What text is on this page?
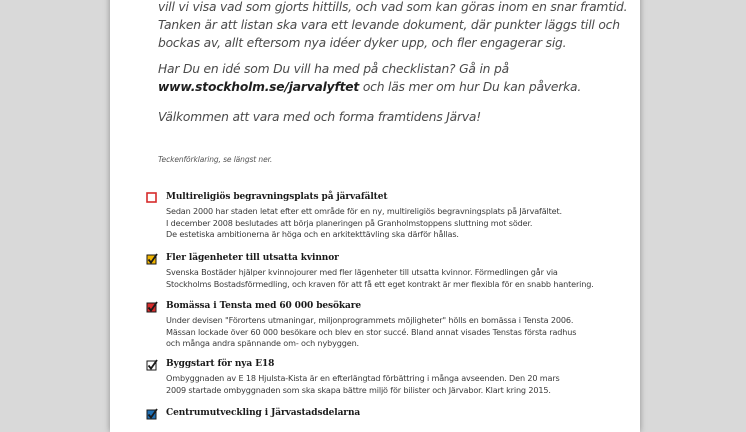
vill vi visa vad som gjorts hittills, och vad som kan göras inom en snar framtid.
Tanken är att listan ska vara ett levande dokument, där punkter läggs till och
bockas av, allt eftersom nya idéer dyker upp, och fler engagerar sig.

Har Du en idé som Du vill ha med på checklistan? Gå in på
www.stockholm.se/jarvalyftet och läs mer om hur Du kan påverka.

Välkommen att vara med och forma framtidens Järva!

Teckenförklaring, se längst ner.
Multireligiös begravningsplats på järvafältet

Sedan 2000 har staden letat efter ett område för en ny, multireligiös begravningsplats på Järvafältet.
I december 2008 beslutades att börja planeringen på Granholmstoppens sluttning mot söder.
De estetiska ambitionerna är höga och en arkitekttävling ska därför hållas.

Fler lägenheter till utsatta kvinnor

Svenska Bostäder hjälper kvinnojourer med fler lägenheter till utsatta kvinnor. Förmedlingen går via
Stockholms Bostadsförmedling, och kraven för att få ett eget kontrakt är mer flexibla för en snabb hantering.

Bomässa i Tensta med 60 000 besökare

Under devisen "Förortens utmaningar, miljonprogrammets möjligheter" hölls en bomässa i Tensta 2006.
Mässan lockade över 60 000 besökare och blev en stor succé. Bland annat visades Tenstas första radhus
och många andra spännande om- och nybyggen.

Byggstart för nya E18

Ombyggnaden av E 18 Hjulsta-Kista är en efterlängtad förbättring i många avseenden. Den 20 mars
2009 startade ombyggnaden som ska skapa bättre miljö för bilister och Järvabor. Klart kring 2015.

Centrumutveckling i Järvastadsdelarna
